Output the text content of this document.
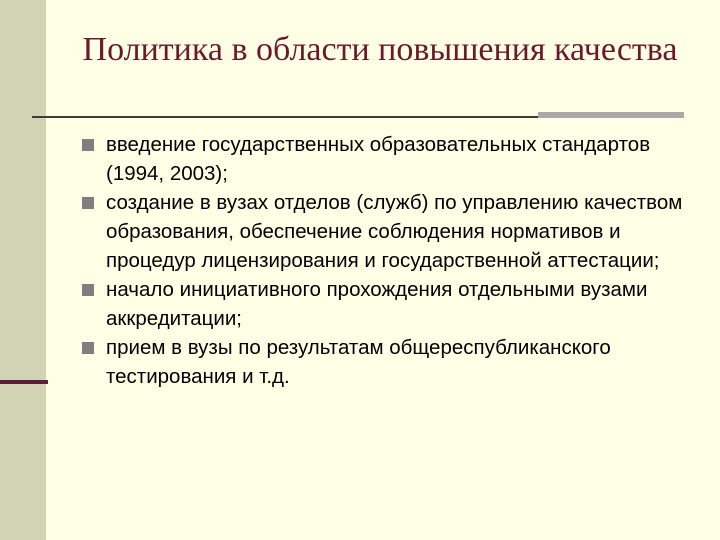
Политика в области повышения качества
введение государственных образовательных стандартов (1994, 2003);
создание в вузах отделов (служб) по управлению качеством образования, обеспечение соблюдения нормативов и процедур лицензирования и государственной аттестации;
начало инициативного прохождения отдельными вузами аккредитации;
прием в вузы по результатам общереспубликанского тестирования и т.д.
